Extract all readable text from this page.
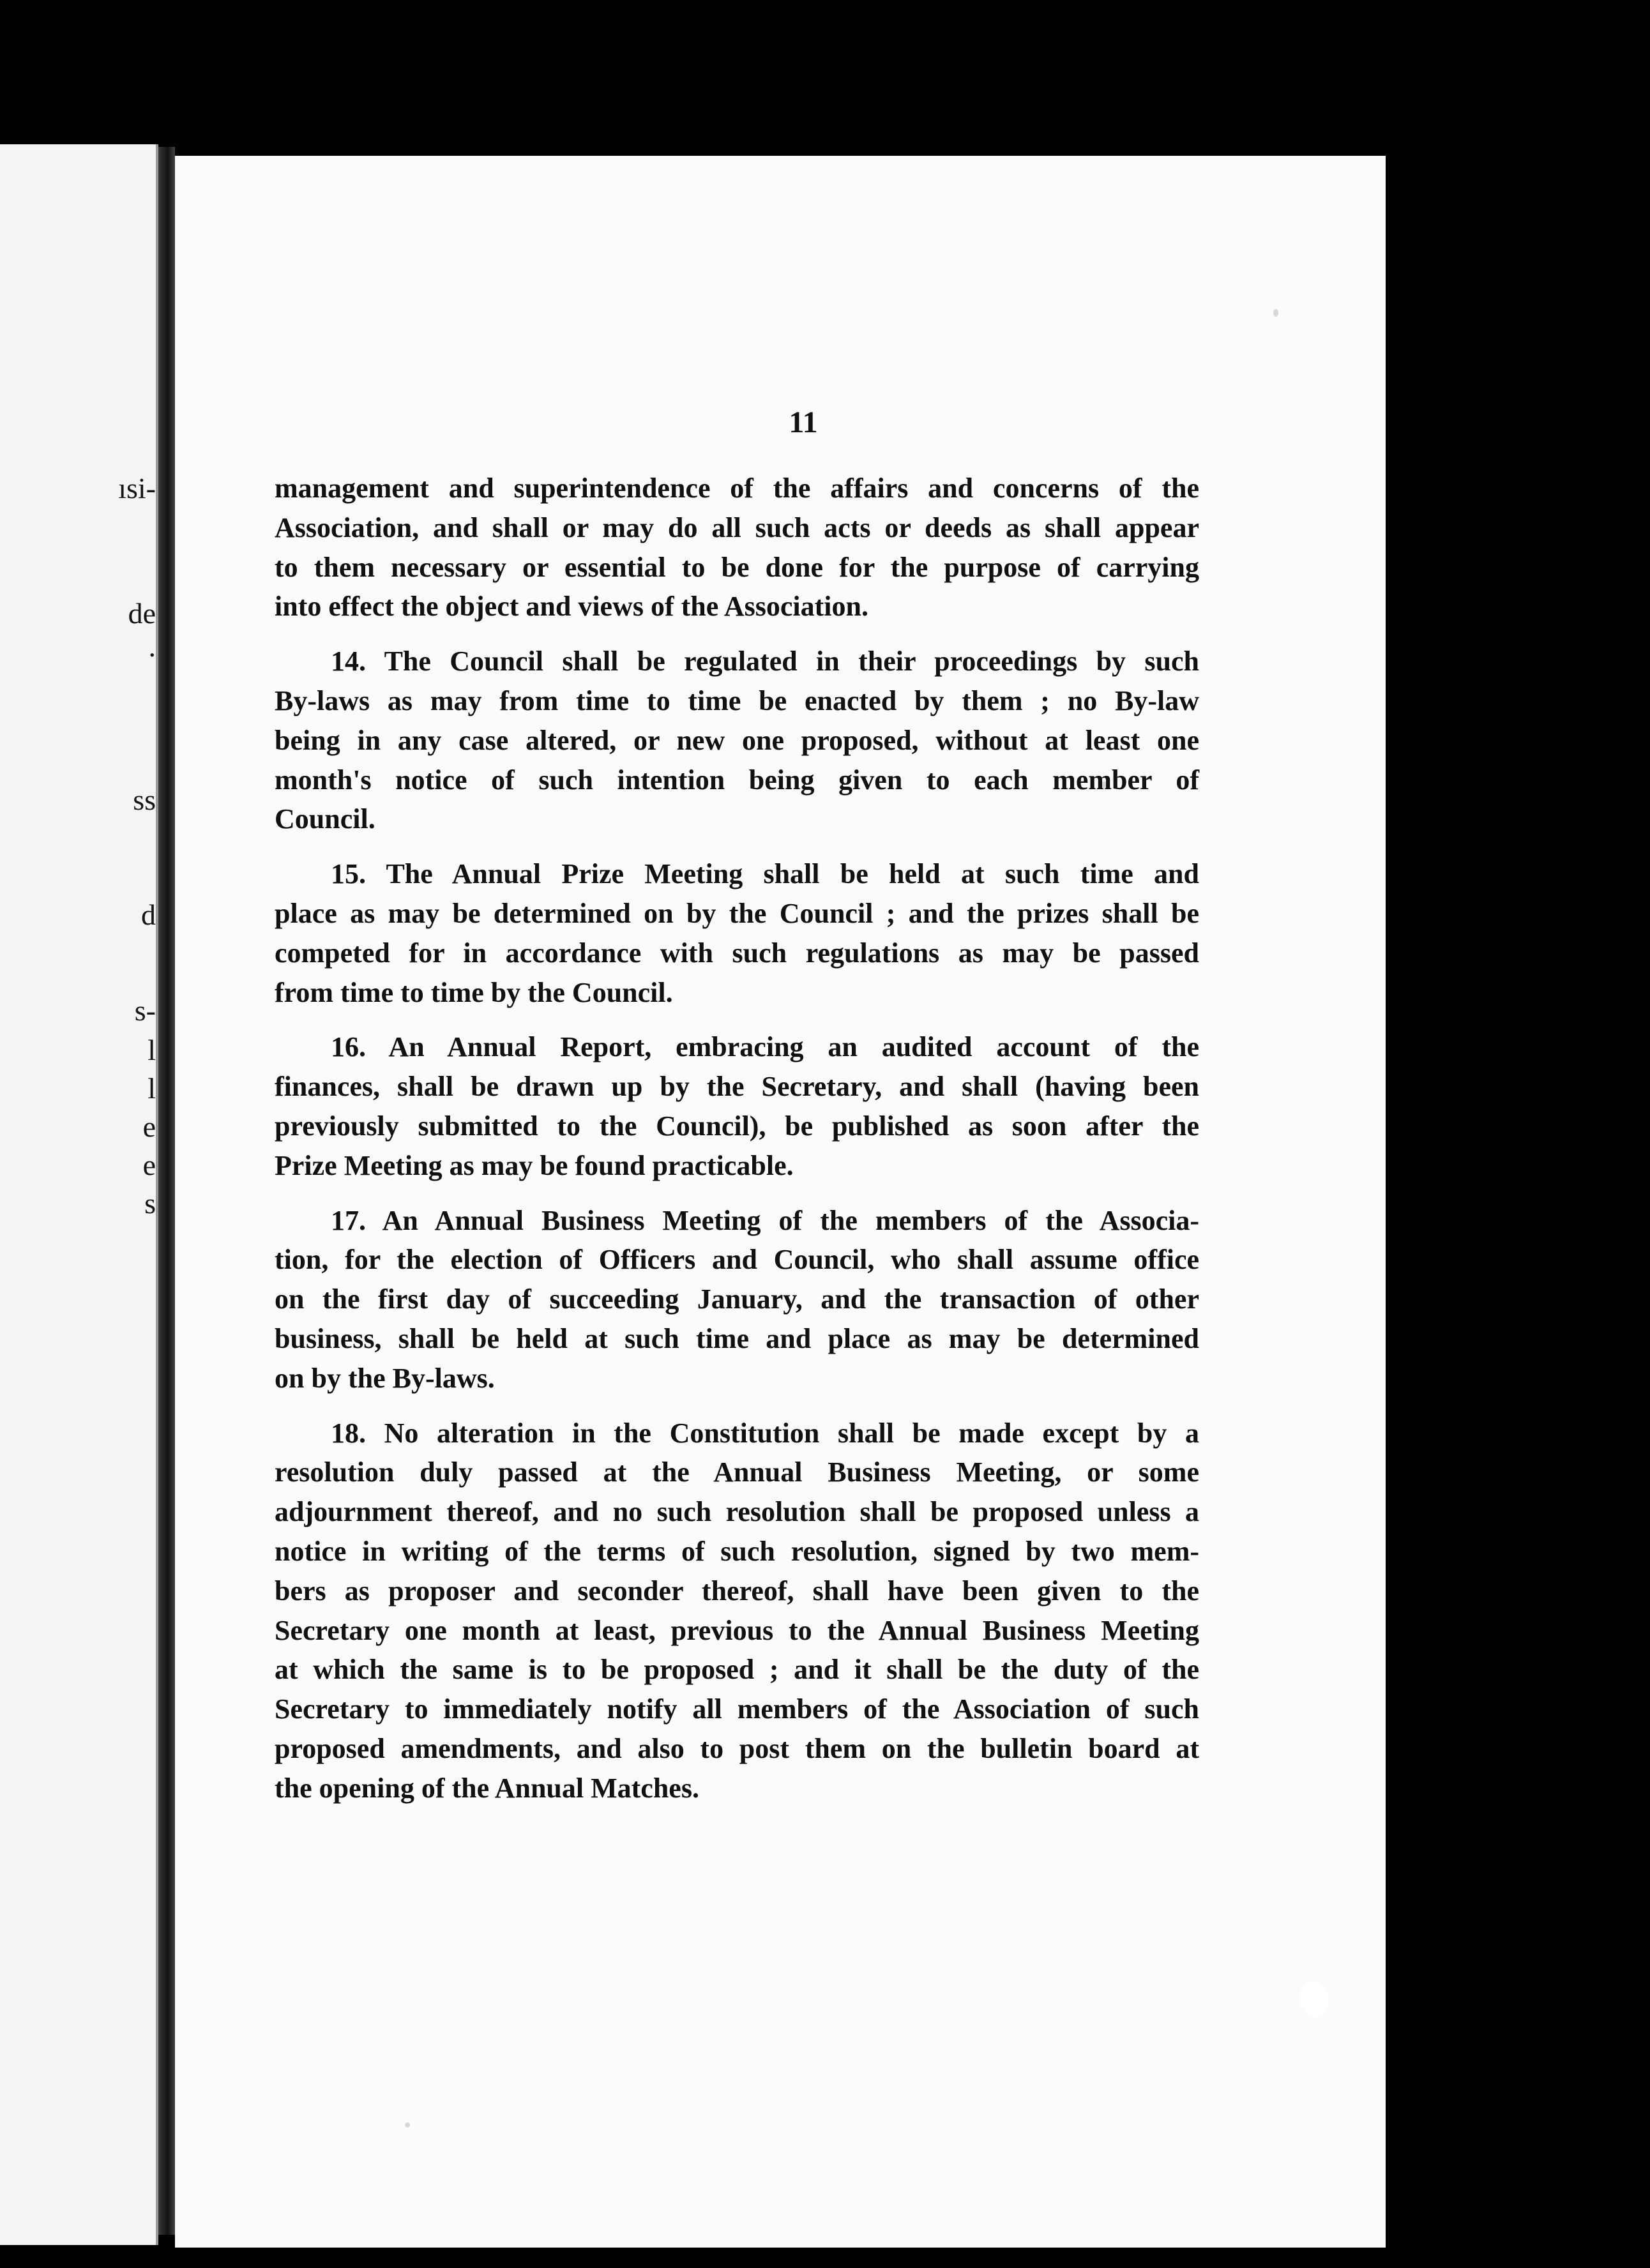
ısi-
de
.
ss
d
s-
l
l
e
e
s

11

management and superintendence of the affairs and concerns of the
Association, and shall or may do all such acts or deeds as shall appear
to them necessary or essential to be done for the purpose of carrying
into effect the object and views of the Association.
14. The Council shall be regulated in their proceedings by such
By-laws as may from time to time be enacted by them ; no By-law
being in any case altered, or new one proposed, without at least one
month's notice of such intention being given to each member of
Council.
15. The Annual Prize Meeting shall be held at such time and
place as may be determined on by the Council ; and the prizes shall be
competed for in accordance with such regulations as may be passed
from time to time by the Council.
16. An Annual Report, embracing an audited account of the
finances, shall be drawn up by the Secretary, and shall (having been
previously submitted to the Council), be published as soon after the
Prize Meeting as may be found practicable.
17. An Annual Business Meeting of the members of the Associa-
tion, for the election of Officers and Council, who shall assume office
on the first day of succeeding January, and the transaction of other
business, shall be held at such time and place as may be determined
on by the By-laws.
18. No alteration in the Constitution shall be made except by a
resolution duly passed at the Annual Business Meeting, or some
adjournment thereof, and no such resolution shall be proposed unless a
notice in writing of the terms of such resolution, signed by two mem-
bers as proposer and seconder thereof, shall have been given to the
Secretary one month at least, previous to the Annual Business Meeting
at which the same is to be proposed ; and it shall be the duty of the
Secretary to immediately notify all members of the Association of such
proposed amendments, and also to post them on the bulletin board at
the opening of the Annual Matches.
